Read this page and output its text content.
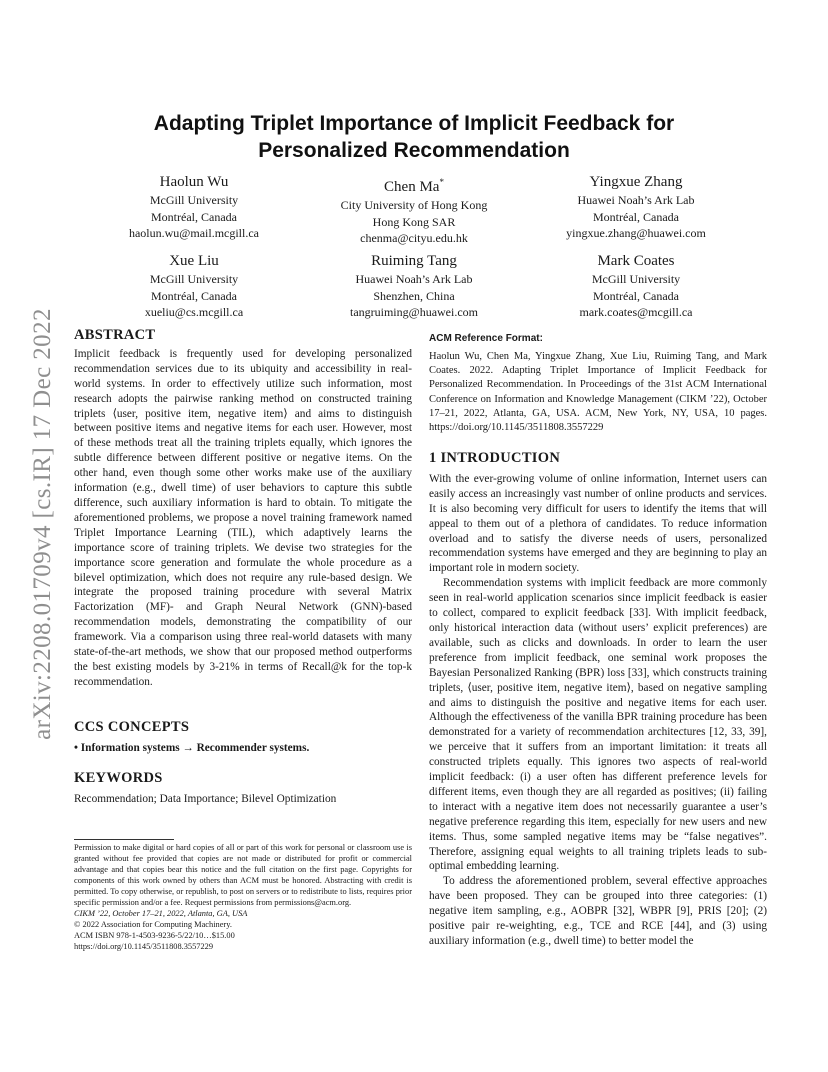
arXiv:2208.01709v4 [cs.IR] 17 Dec 2022
Adapting Triplet Importance of Implicit Feedback for
Personalized Recommendation
Haolun Wu
McGill University
Montréal, Canada
haolun.wu@mail.mcgill.ca
Chen Ma*
City University of Hong Kong
Hong Kong SAR
chenma@cityu.edu.hk
Yingxue Zhang
Huawei Noah’s Ark Lab
Montréal, Canada
yingxue.zhang@huawei.com
Xue Liu
McGill University
Montréal, Canada
xueliu@cs.mcgill.ca
Ruiming Tang
Huawei Noah’s Ark Lab
Shenzhen, China
tangruiming@huawei.com
Mark Coates
McGill University
Montréal, Canada
mark.coates@mcgill.ca
ABSTRACT

Implicit feedback is frequently used for developing personalized recommendation services due to its ubiquity and accessibility in real-world systems. In order to effectively utilize such information, most research adopts the pairwise ranking method on constructed training triplets ⟨user, positive item, negative item⟩ and aims to distinguish between positive items and negative items for each user. However, most of these methods treat all the training triplets equally, which ignores the subtle difference between different positive or negative items. On the other hand, even though some other works make use of the auxiliary information (e.g., dwell time) of user behaviors to capture this subtle difference, such auxiliary information is hard to obtain. To mitigate the aforementioned problems, we propose a novel training framework named Triplet Importance Learning (TIL), which adaptively learns the importance score of training triplets. We devise two strategies for the importance score generation and formulate the whole procedure as a bilevel optimization, which does not require any rule-based design. We integrate the proposed training procedure with several Matrix Factorization (MF)- and Graph Neural Network (GNN)-based recommendation models, demonstrating the compatibility of our framework. Via a comparison using three real-world datasets with many state-of-the-art methods, we show that our proposed method outperforms the best existing models by 3-21% in terms of Recall@k for the top-k recommendation.

CCS CONCEPTS
• Information systems → Recommender systems.
KEYWORDS
Recommendation; Data Importance; Bilevel Optimization

Permission to make digital or hard copies of all or part of this work for personal or classroom use is granted without fee provided that copies are not made or distributed for profit or commercial advantage and that copies bear this notice and the full citation on the first page. Copyrights for components of this work owned by others than ACM must be honored. Abstracting with credit is permitted. To copy otherwise, or republish, to post on servers or to redistribute to lists, requires prior specific permission and/or a fee. Request permissions from permissions@acm.org.

CIKM ’22, October 17–21, 2022, Atlanta, GA, USA

© 2022 Association for Computing Machinery.

ACM ISBN 978-1-4503-9236-5/22/10…$15.00

https://doi.org/10.1145/3511808.3557229

ACM Reference Format:
Haolun Wu, Chen Ma, Yingxue Zhang, Xue Liu, Ruiming Tang, and Mark Coates. 2022. Adapting Triplet Importance of Implicit Feedback for Personalized Recommendation. In Proceedings of the 31st ACM International Conference on Information and Knowledge Management (CIKM ’22), October 17–21, 2022, Atlanta, GA, USA. ACM, New York, NY, USA, 10 pages. https://doi.org/10.1145/3511808.3557229
1 INTRODUCTION

With the ever-growing volume of online information, Internet users can easily access an increasingly vast number of online products and services. It is also becoming very difficult for users to identify the items that will appeal to them out of a plethora of candidates. To reduce information overload and to satisfy the diverse needs of users, personalized recommendation systems have emerged and they are beginning to play an important role in modern society.

Recommendation systems with implicit feedback are more commonly seen in real-world application scenarios since implicit feedback is easier to collect, compared to explicit feedback [33]. With implicit feedback, only historical interaction data (without users’ explicit preferences) are available, such as clicks and downloads. In order to learn the user preference from implicit feedback, one seminal work proposes the Bayesian Personalized Ranking (BPR) loss [33], which constructs training triplets, ⟨user, positive item, negative item⟩, based on negative sampling and aims to distinguish the positive and negative items for each user. Although the effectiveness of the vanilla BPR training procedure has been demonstrated for a variety of recommendation architectures [12, 33, 39], we perceive that it suffers from an important limitation: it treats all constructed triplets equally. This ignores two aspects of real-world implicit feedback: (i) a user often has different preference levels for different items, even though they are all regarded as positives; (ii) failing to interact with a negative item does not necessarily guarantee a user’s negative preference regarding this item, especially for new users and new items. Thus, some sampled negative items may be “false negatives”. Therefore, assigning equal weights to all training triplets leads to sub-optimal embedding learning.

To address the aforementioned problem, several effective approaches have been proposed. They can be grouped into three categories: (1) negative item sampling, e.g., AOBPR [32], WBPR [9], PRIS [20]; (2) positive pair re-weighting, e.g., TCE and RCE [44], and (3) using auxiliary information (e.g., dwell time) to better model the
